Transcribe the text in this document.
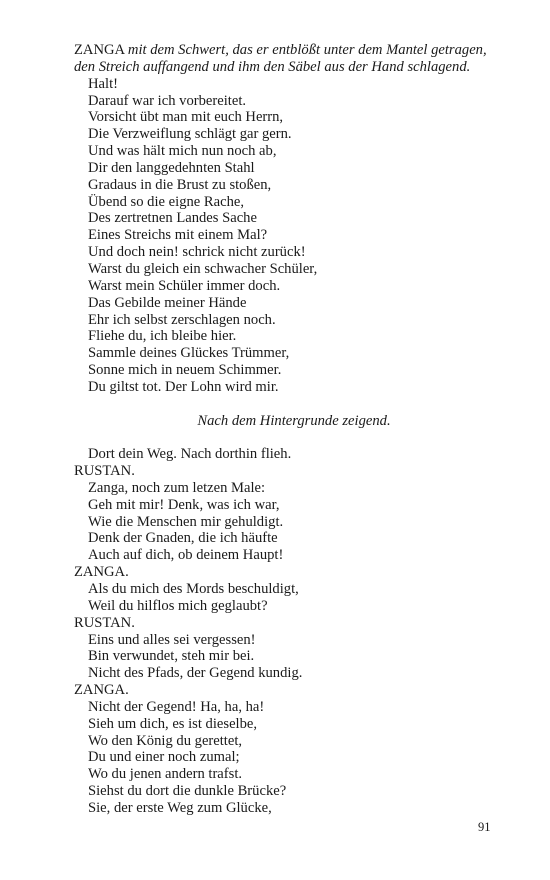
ZANGA mit dem Schwert, das er entblößt unter dem Mantel getragen,
den Streich auffangend und ihm den Säbel aus der Hand schlagend.
Halt!
Darauf war ich vorbereitet.
Vorsicht übt man mit euch Herrn,
Die Verzweiflung schlägt gar gern.
Und was hält mich nun noch ab,
Dir den langgedehnten Stahl
Gradaus in die Brust zu stoßen,
Übend so die eigne Rache,
Des zertretnen Landes Sache
Eines Streichs mit einem Mal?
Und doch nein! schrick nicht zurück!
Warst du gleich ein schwacher Schüler,
Warst mein Schüler immer doch.
Das Gebilde meiner Hände
Ehr ich selbst zerschlagen noch.
Fliehe du, ich bleibe hier.
Sammle deines Glückes Trümmer,
Sonne mich in neuem Schimmer.
Du giltst tot. Der Lohn wird mir.
Nach dem Hintergrunde zeigend.
Dort dein Weg. Nach dorthin flieh.
RUSTAN.
Zanga, noch zum letzen Male:
Geh mit mir! Denk, was ich war,
Wie die Menschen mir gehuldigt.
Denk der Gnaden, die ich häufte
Auch auf dich, ob deinem Haupt!
ZANGA.
Als du mich des Mords beschuldigt,
Weil du hilflos mich geglaubt?
RUSTAN.
Eins und alles sei vergessen!
Bin verwundet, steh mir bei.
Nicht des Pfads, der Gegend kundig.
ZANGA.
Nicht der Gegend! Ha, ha, ha!
Sieh um dich, es ist dieselbe,
Wo den König du gerettet,
Du und einer noch zumal;
Wo du jenen andern trafst.
Siehst du dort die dunkle Brücke?
Sie, der erste Weg zum Glücke,
91
